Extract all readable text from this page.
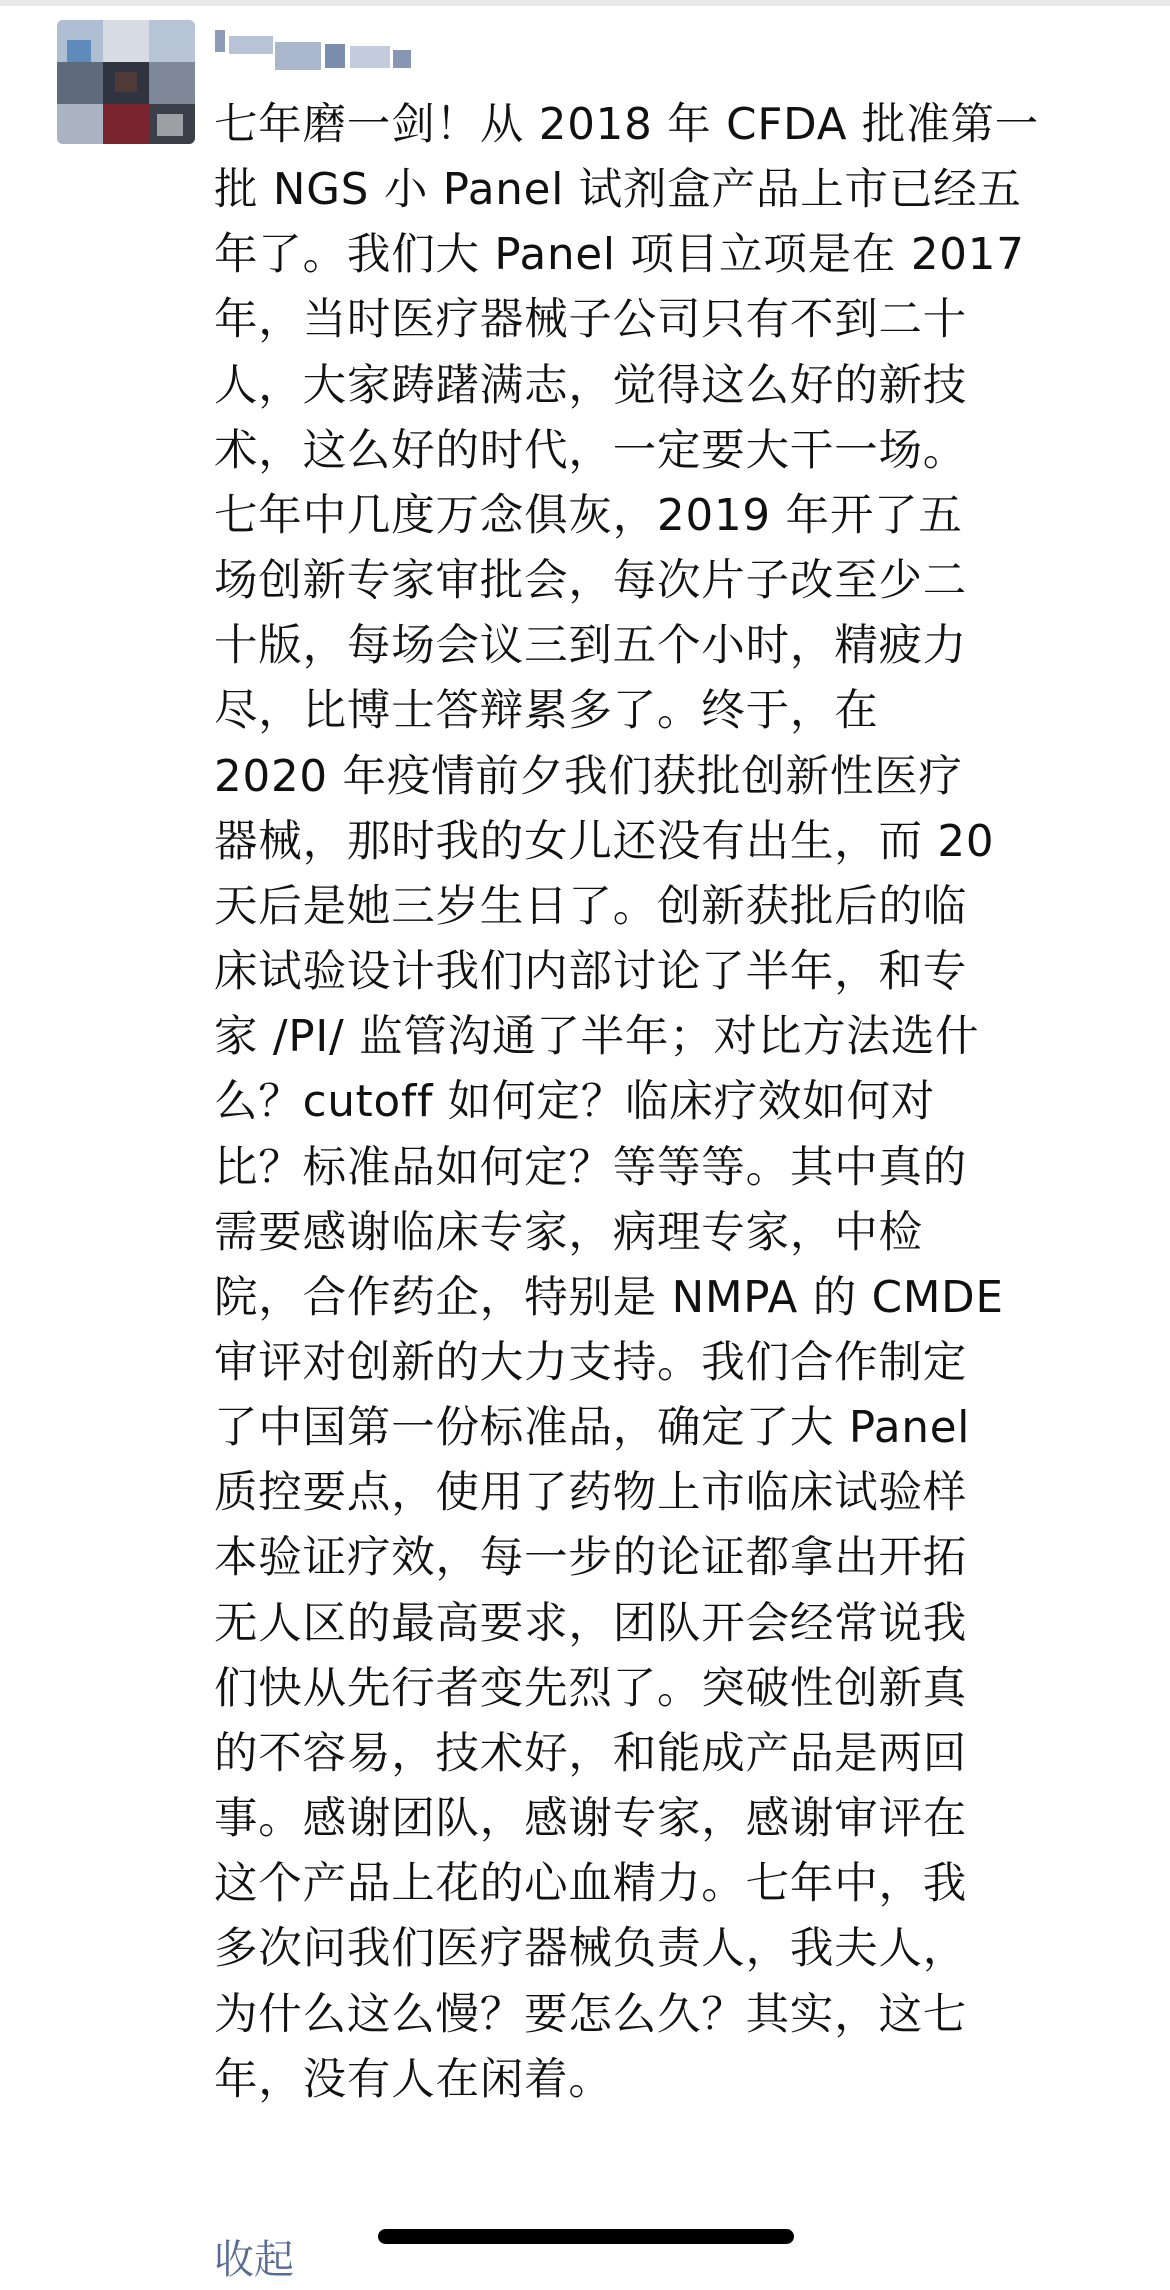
七年磨一剑！从 2018 年 CFDA 批准第一
批 NGS 小 Panel 试剂盒产品上市已经五
年了。我们大 Panel 项目立项是在 2017
年，当时医疗器械子公司只有不到二十
人，大家踌躇满志，觉得这么好的新技
术，这么好的时代，一定要大干一场。
七年中几度万念俱灰，2019 年开了五
场创新专家审批会，每次片子改至少二
十版，每场会议三到五个小时，精疲力
尽，比博士答辩累多了。终于，在
2020 年疫情前夕我们获批创新性医疗
器械，那时我的女儿还没有出生，而 20
天后是她三岁生日了。创新获批后的临
床试验设计我们内部讨论了半年，和专
家 /PI/ 监管沟通了半年；对比方法选什
么？cutoff 如何定？临床疗效如何对
比？标准品如何定？等等等。其中真的
需要感谢临床专家，病理专家，中检
院，合作药企，特别是 NMPA 的 CMDE
审评对创新的大力支持。我们合作制定
了中国第一份标准品，确定了大 Panel
质控要点，使用了药物上市临床试验样
本验证疗效，每一步的论证都拿出开拓
无人区的最高要求，团队开会经常说我
们快从先行者变先烈了。突破性创新真
的不容易，技术好，和能成产品是两回
事。感谢团队，感谢专家，感谢审评在
这个产品上花的心血精力。七年中，我
多次问我们医疗器械负责人，我夫人，
为什么这么慢？要怎么久？其实，这七
年，没有人在闲着。

收起
